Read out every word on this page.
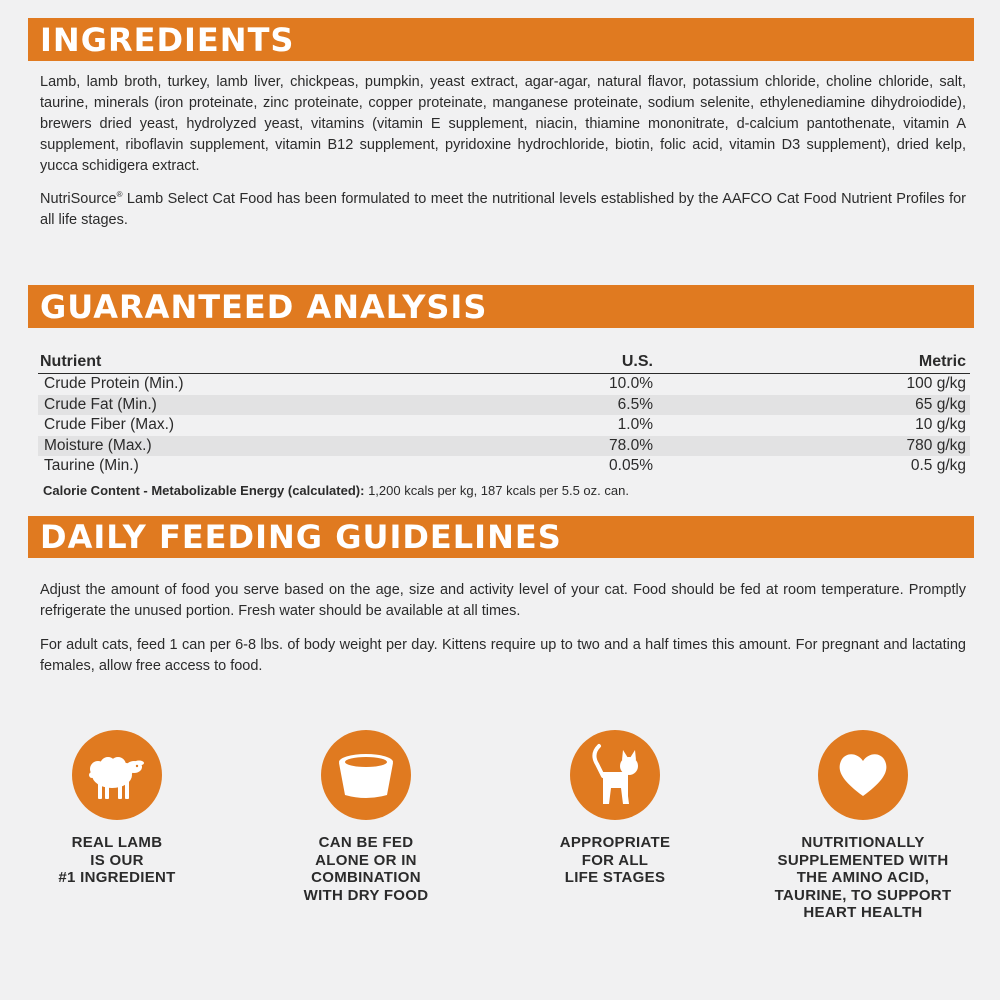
INGREDIENTS

Lamb, lamb broth, turkey, lamb liver, chickpeas, pumpkin, yeast extract, agar-agar, natural flavor, potassium chloride, choline chloride, salt, taurine, minerals (iron proteinate, zinc proteinate, copper proteinate, manganese proteinate, sodium selenite, ethylenediamine dihydroiodide), brewers dried yeast, hydrolyzed yeast, vitamins (vitamin E supplement, niacin, thiamine mononitrate, d-calcium pantothenate, vitamin A supplement, riboflavin supplement, vitamin B12 supplement, pyridoxine hydrochloride, biotin, folic acid, vitamin D3 supplement), dried kelp, yucca schidigera extract.

NutriSource® Lamb Select Cat Food has been formulated to meet the nutritional levels established by the AAFCO Cat Food Nutrient Profiles for all life stages.

GUARANTEED ANALYSIS
Nutrient	U.S.	Metric
Crude Protein (Min.)	10.0%	100 g/kg
Crude Fat (Min.)	6.5%	65 g/kg
Crude Fiber (Max.)	1.0%	10 g/kg
Moisture (Max.)	78.0%	780 g/kg
Taurine (Min.)	0.05%	0.5 g/kg
Calorie Content - Metabolizable Energy (calculated): 1,200 kcals per kg, 187 kcals per 5.5 oz. can.
DAILY FEEDING GUIDELINES

Adjust the amount of food you serve based on the age, size and activity level of your cat. Food should be fed at room temperature. Promptly refrigerate the unused portion. Fresh water should be available at all times.

For adult cats, feed 1 can per 6-8 lbs. of body weight per day. Kittens require up to two and a half times this amount. For pregnant and lactating females, allow free access to food.

REAL LAMB
IS OUR
#1 INGREDIENT
CAN BE FED
ALONE OR IN
COMBINATION
WITH DRY FOOD
APPROPRIATE
FOR ALL
LIFE STAGES
NUTRITIONALLY
SUPPLEMENTED WITH
THE AMINO ACID,
TAURINE, TO SUPPORT
HEART HEALTH
